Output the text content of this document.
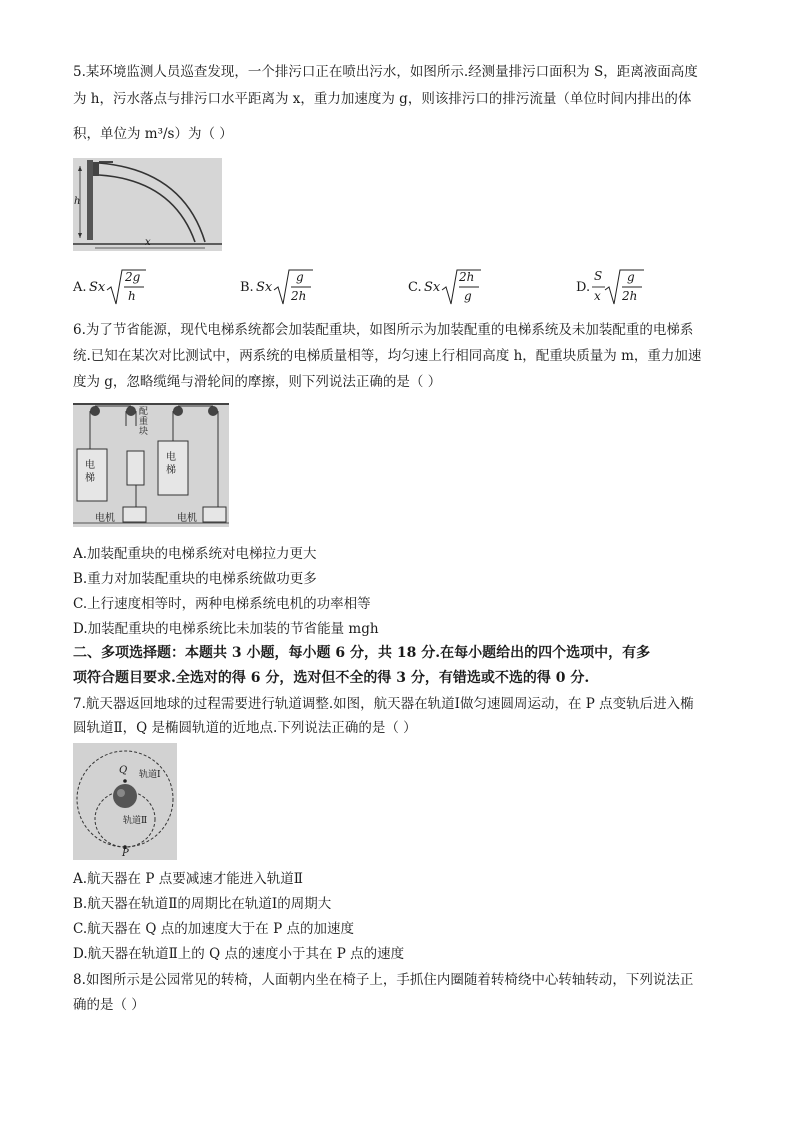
5.某环境监测人员巡查发现，一个排污口正在喷出污水，如图所示.经测量排污口面积为 S，距离液面高度
为 h，污水落点与排污口水平距离为 x，重力加速度为 g，则该排污口的排污流量（单位时间内排出的体
积，单位为 m³/s）为（ ）
h
x
A. Sx
2g
h
B. Sx
g
2h
C. Sx
2h
g
D.
S
x
g
2h
6.为了节省能源，现代电梯系统都会加装配重块，如图所示为加装配重的电梯系统及未加装配重的电梯系
统.已知在某次对比测试中，两系统的电梯质量相等，均匀速上行相同高度 h，配重块质量为 m，重力加速
度为 g，忽略缆绳与滑轮间的摩擦，则下列说法正确的是（ ）
配重块
电梯
电梯
电机	电机
A.加装配重块的电梯系统对电梯拉力更大
B.重力对加装配重块的电梯系统做功更多
C.上行速度相等时，两种电梯系统电机的功率相等
D.加装配重块的电梯系统比未加装的节省能量 mgh
二、多项选择题：本题共 3 小题，每小题 6 分，共 18 分.在每小题给出的四个选项中，有多
项符合题目要求.全选对的得 6 分，选对但不全的得 3 分，有错选或不选的得 0 分.
7.航天器返回地球的过程需要进行轨道调整.如图，航天器在轨道Ⅰ做匀速圆周运动，在 P 点变轨后进入椭
圆轨道Ⅱ，Q 是椭圆轨道的近地点.下列说法正确的是（ ）
Q
P
轨道Ⅰ
轨道Ⅱ
A.航天器在 P 点要减速才能进入轨道Ⅱ
B.航天器在轨道Ⅱ的周期比在轨道Ⅰ的周期大
C.航天器在 Q 点的加速度大于在 P 点的加速度
D.航天器在轨道Ⅱ上的 Q 点的速度小于其在 P 点的速度
8.如图所示是公园常见的转椅，人面朝内坐在椅子上，手抓住内圈随着转椅绕中心转轴转动，下列说法正
确的是（ ）
